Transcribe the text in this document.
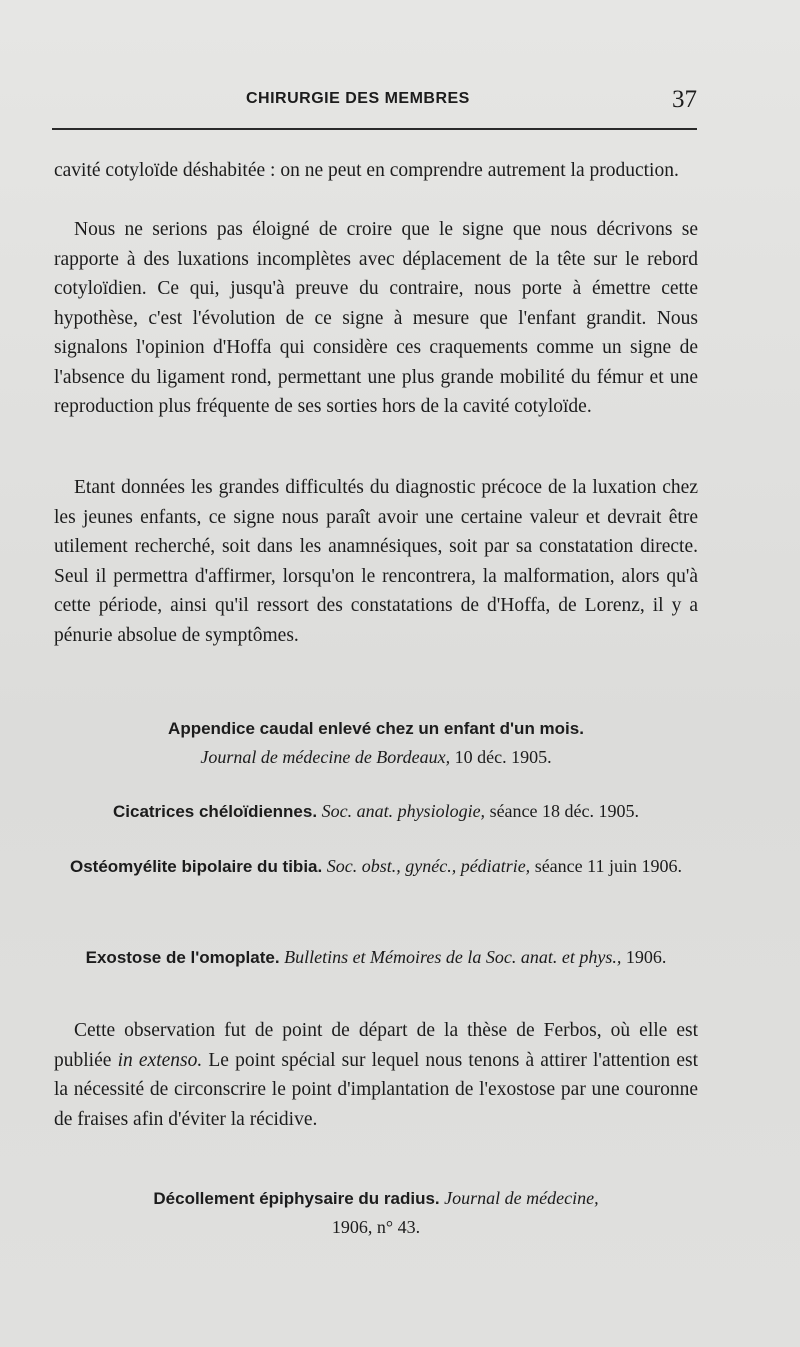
CHIRURGIE DES MEMBRES	37

cavité cotyloïde déshabitée : on ne peut en comprendre autrement la production.

Nous ne serions pas éloigné de croire que le signe que nous décrivons se rapporte à des luxations incomplètes avec déplacement de la tête sur le rebord cotyloïdien. Ce qui, jusqu'à preuve du contraire, nous porte à émettre cette hypothèse, c'est l'évolution de ce signe à mesure que l'enfant grandit. Nous signalons l'opinion d'Hoffa qui considère ces craquements comme un signe de l'absence du ligament rond, permettant une plus grande mobilité du fémur et une reproduction plus fréquente de ses sorties hors de la cavité cotyloïde.

Etant données les grandes difficultés du diagnostic précoce de la luxation chez les jeunes enfants, ce signe nous paraît avoir une certaine valeur et devrait être utilement recherché, soit dans les anamnésiques, soit par sa constatation directe. Seul il permettra d'affirmer, lorsqu'on le rencontrera, la malformation, alors qu'à cette période, ainsi qu'il ressort des constatations de d'Hoffa, de Lorenz, il y a pénurie absolue de symptômes.

Appendice caudal enlevé chez un enfant d'un mois.
Journal de médecine de Bordeaux, 10 déc. 1905.

Cicatrices chéloïdiennes. Soc. anat. physiologie, séance 18 déc. 1905.

Ostéomyélite bipolaire du tibia. Soc. obst., gynéc., pédiatrie, séance 11 juin 1906.

Exostose de l'omoplate. Bulletins et Mémoires de la Soc. anat. et phys., 1906.

Cette observation fut de point de départ de la thèse de Ferbos, où elle est publiée in extenso. Le point spécial sur lequel nous tenons à attirer l'attention est la nécessité de circonscrire le point d'implantation de l'exostose par une couronne de fraises afin d'éviter la récidive.

Décollement épiphysaire du radius. Journal de médecine,
1906, n° 43.
